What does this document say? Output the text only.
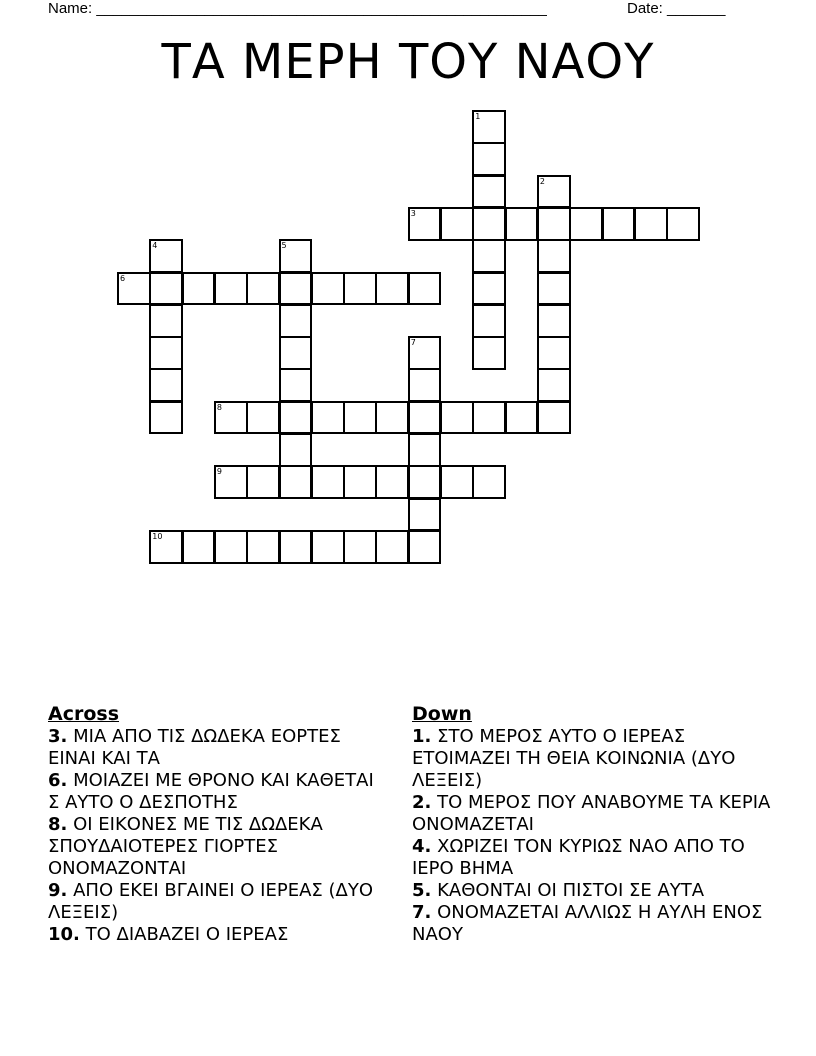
Name: ______________________________________________________	Date: _______
ΤΑ ΜΕΡΗ ΤΟΥ ΝΑΟΥ
1
2
3
4	5
6
7
8
9
10
Across
3. ΜΙΑ ΑΠΟ ΤΙΣ ΔΩΔΕΚΑ ΕΟΡΤΕΣ ΕΙΝΑΙ ΚΑΙ ΤΑ
6. ΜΟΙΑΖΕΙ ΜΕ ΘΡΟΝΟ ΚΑΙ ΚΑΘΕΤΑΙ Σ ΑΥΤΟ Ο ΔΕΣΠΟΤΗΣ
8. ΟΙ ΕΙΚΟΝΕΣ ΜΕ ΤΙΣ ΔΩΔΕΚΑ ΣΠΟΥΔΑΙΟΤΕΡΕΣ ΓΙΟΡΤΕΣ ΟΝΟΜΑΖΟΝΤΑΙ
9. ΑΠΟ ΕΚΕΙ ΒΓΑΙΝΕΙ Ο ΙΕΡΕΑΣ (ΔΥΟ ΛΕΞΕΙΣ)
10. ΤΟ ΔΙΑΒΑΖΕΙ Ο ΙΕΡΕΑΣ
Down
1. ΣΤΟ ΜΕΡΟΣ ΑΥΤΟ Ο ΙΕΡΕΑΣ ΕΤΟΙΜΑΖΕΙ ΤΗ ΘΕΙΑ ΚΟΙΝΩΝΙΑ (ΔΥΟ ΛΕΞΕΙΣ)
2. ΤΟ ΜΕΡΟΣ ΠΟΥ ΑΝΑΒΟΥΜΕ ΤΑ ΚΕΡΙΑ ΟΝΟΜΑΖΕΤΑΙ
4. ΧΩΡΙΖΕΙ ΤΟΝ ΚΥΡΙΩΣ ΝΑΟ ΑΠΟ ΤΟ ΙΕΡΟ ΒΗΜΑ
5. ΚΑΘΟΝΤΑΙ ΟΙ ΠΙΣΤΟΙ ΣΕ ΑΥΤΑ
7. ΟΝΟΜΑΖΕΤΑΙ ΑΛΛΙΩΣ Η ΑΥΛΗ ΕΝΟΣ ΝΑΟΥ
